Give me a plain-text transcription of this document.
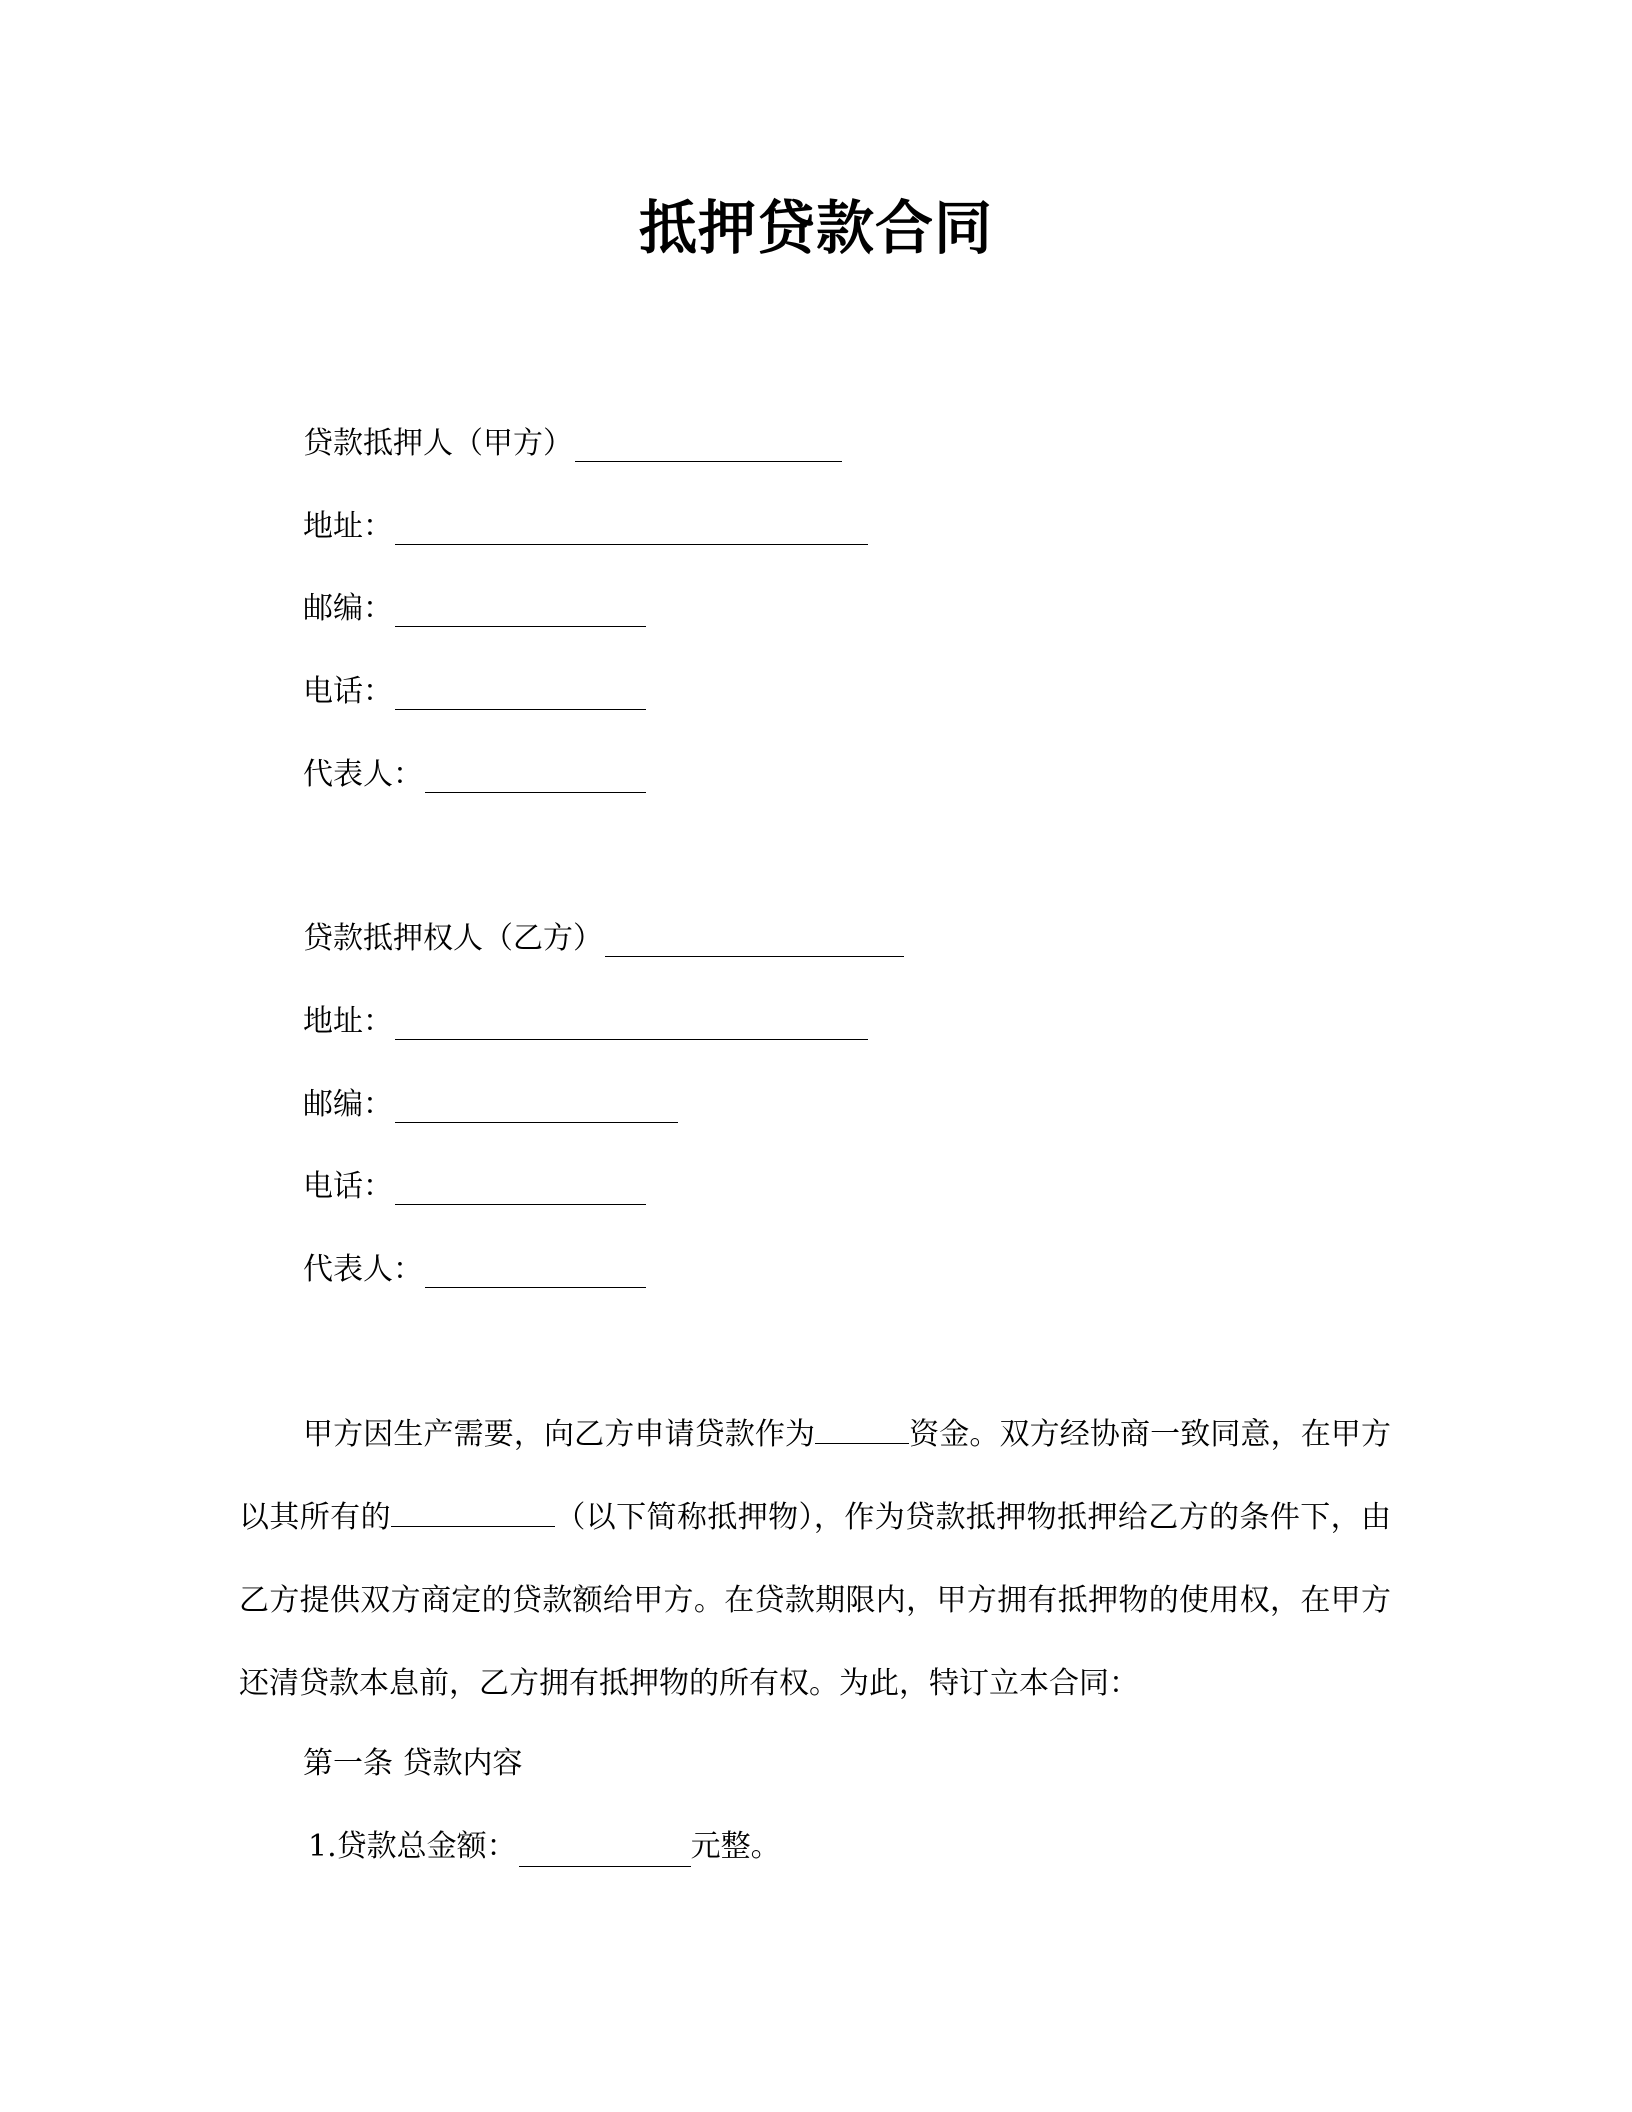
抵押贷款合同
贷款抵押人（甲方）
地址：
邮编：
电话：
代表人：
贷款抵押权人（乙方）
地址：
邮编：
电话：
代表人：
甲方因生产需要，向乙方申请贷款作为	资金。双方经协商一致同意，在甲方以其所有的	（以下简称抵押物），作为贷款抵押物抵押给乙方的条件下，由乙方提供双方商定的贷款额给甲方。在贷款期限内，甲方拥有抵押物的使用权，在甲方还清贷款本息前，乙方拥有抵押物的所有权。为此，特订立本合同：
第一条 贷款内容
1.贷款总金额：	元整。
